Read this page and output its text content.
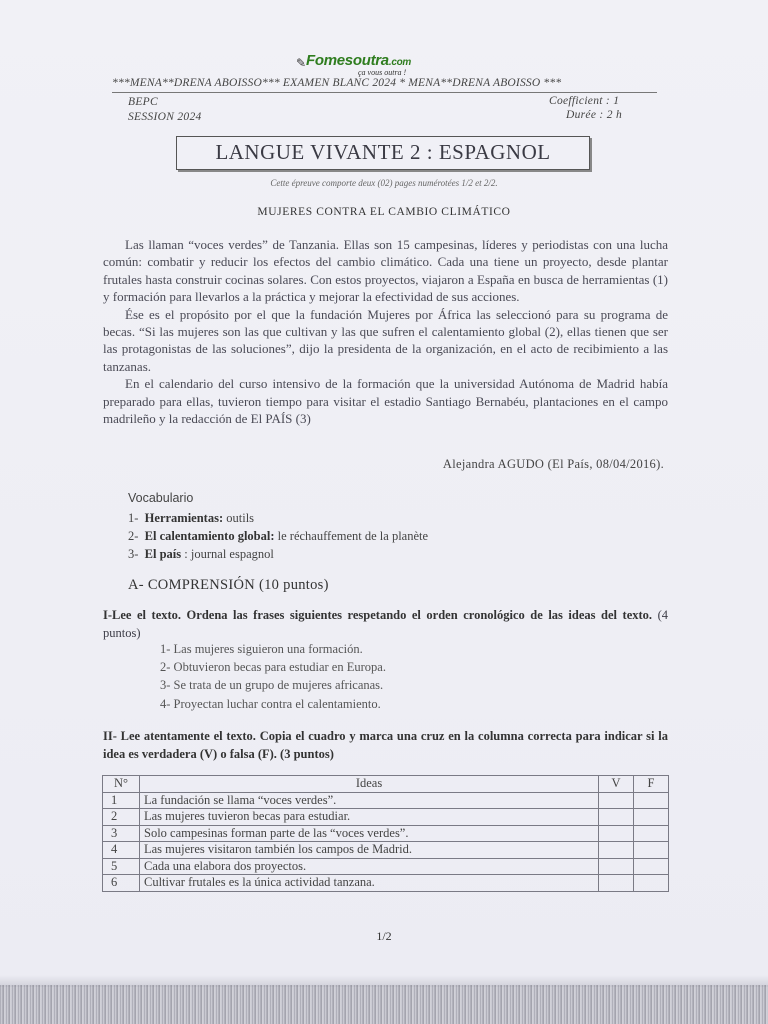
✎ Fomesoutra.com
ça vous outra !
***MENA**DRENA ABOISSO*** EXAMEN BLANC 2024 * MENA**DRENA ABOISSO ***
BEPC
SESSION 2024
Coefficient : 1
Durée : 2 h
LANGUE VIVANTE 2 : ESPAGNOL
Cette épreuve comporte deux (02) pages numérotées 1/2 et 2/2.
MUJERES CONTRA EL CAMBIO CLIMÁTICO

Las llaman “voces verdes” de Tanzania. Ellas son 15 campesinas, líderes y periodistas con una lucha común: combatir y reducir los efectos del cambio climático. Cada una tiene un proyecto, desde plantar frutales hasta construir cocinas solares. Con estos proyectos, viajaron a España en busca de herramientas (1) y formación para llevarlos a la práctica y mejorar la efectividad de sus acciones.

Ése es el propósito por el que la fundación Mujeres por África las seleccionó para su programa de becas. “Si las mujeres son las que cultivan y las que sufren el calentamiento global (2), ellas tienen que ser las protagonistas de las soluciones”, dijo la presidenta de la organización, en el acto de recibimiento a las tanzanas.

En el calendario del curso intensivo de la formación que la universidad Autónoma de Madrid había preparado para ellas, tuvieron tiempo para visitar el estadio Santiago Bernabéu, plantaciones en el campo madrileño y la redacción de El PAÍS (3)

Alejandra AGUDO (El País, 08/04/2016).
Vocabulario
1- Herramientas: outils
2- El calentamiento global: le réchauffement de la planète
3- El país : journal espagnol
A- COMPRENSIÓN (10 puntos)
I-Lee el texto. Ordena las frases siguientes respetando el orden cronológico de las ideas del texto. (4 puntos)
1- Las mujeres siguieron una formación.
2- Obtuvieron becas para estudiar en Europa.
3- Se trata de un grupo de mujeres africanas.
4- Proyectan luchar contra el calentamiento.
II- Lee atentamente el texto. Copia el cuadro y marca una cruz en la columna correcta para indicar si la idea es verdadera (V) o falsa (F). (3 puntos)
N°	Ideas	V	F
1	La fundación se llama “voces verdes”.		
2	Las mujeres tuvieron becas para estudiar.		
3	Solo campesinas forman parte de las “voces verdes”.		
4	Las mujeres visitaron también los campos de Madrid.		
5	Cada una elabora dos proyectos.		
6	Cultivar frutales es la única actividad tanzana.		
1/2
